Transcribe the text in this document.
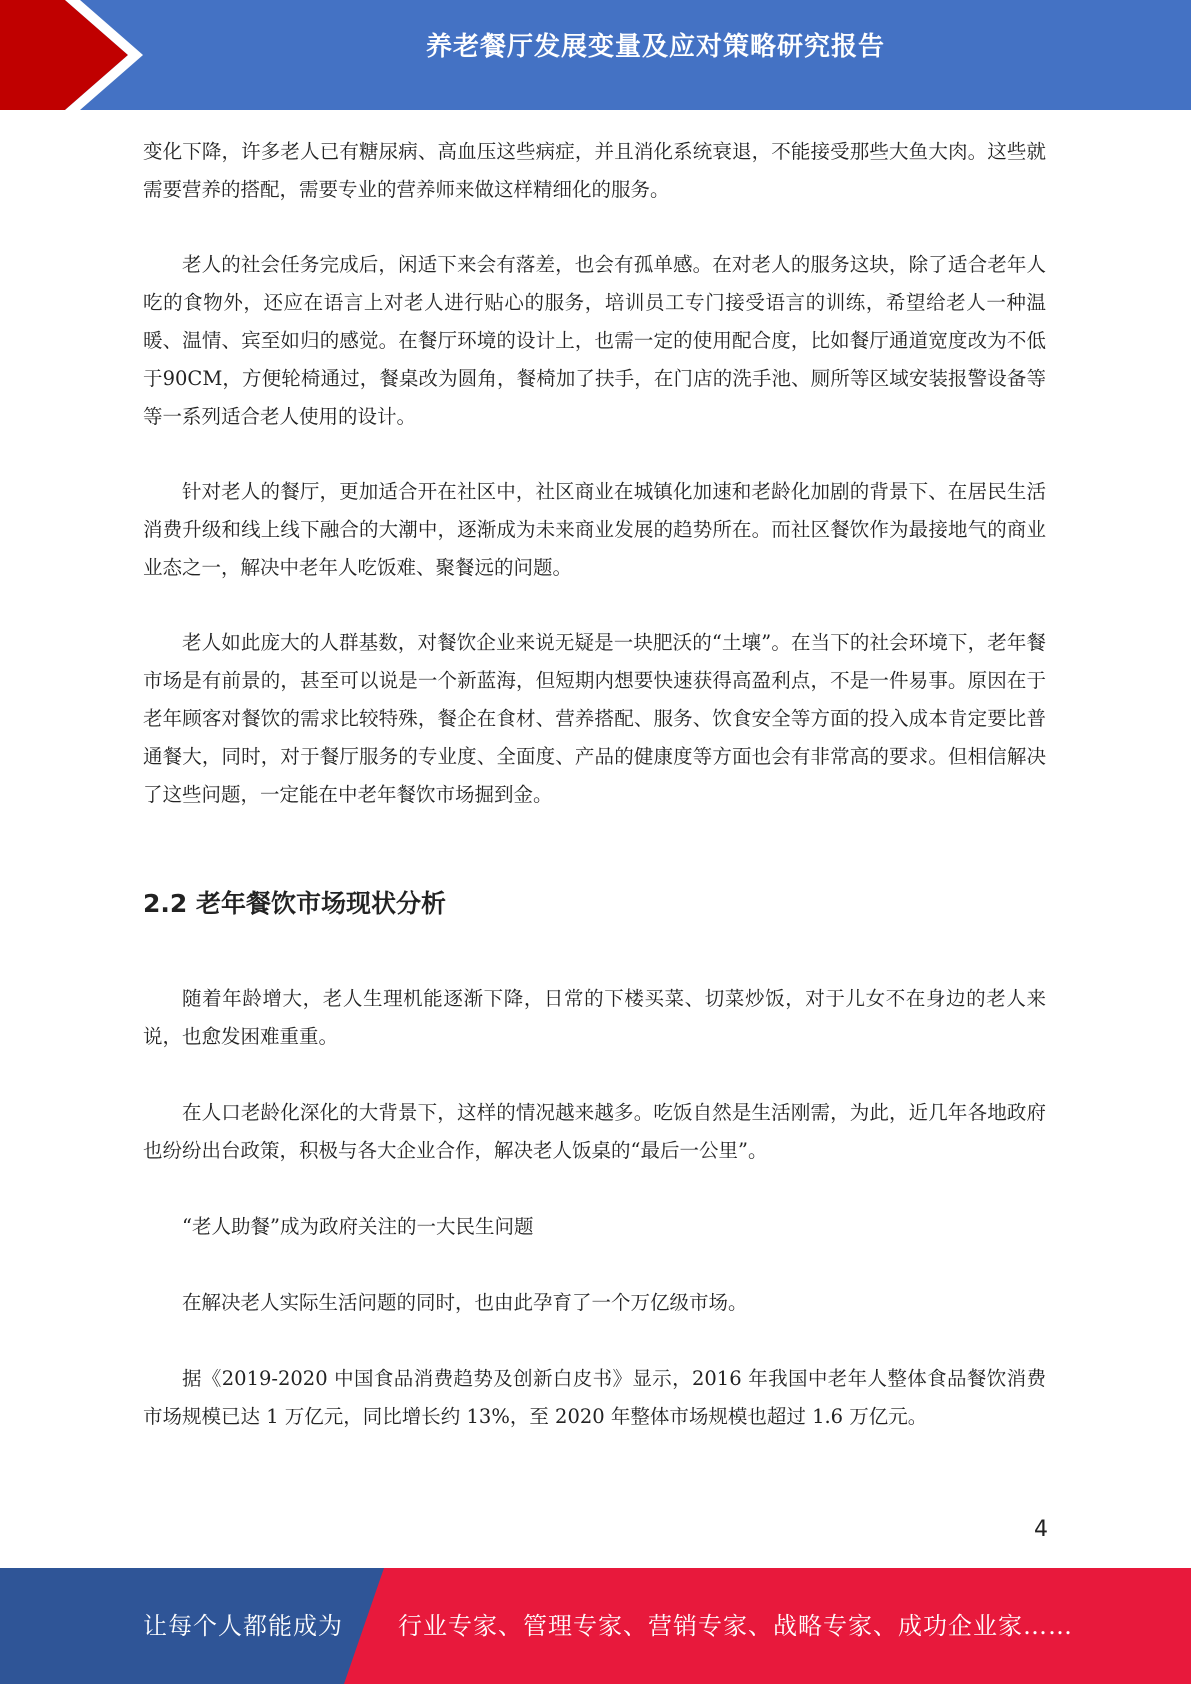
养老餐厅发展变量及应对策略研究报告

变化下降，许多老人已有糖尿病、高血压这些病症，并且消化系统衰退，不能接受那些大鱼大肉。这些就需要营养的搭配，需要专业的营养师来做这样精细化的服务。

老人的社会任务完成后，闲适下来会有落差，也会有孤单感。在对老人的服务这块，除了适合老年人吃的食物外，还应在语言上对老人进行贴心的服务，培训员工专门接受语言的训练，希望给老人一种温暖、温情、宾至如归的感觉。在餐厅环境的设计上，也需一定的使用配合度，比如餐厅通道宽度改为不低于90CM，方便轮椅通过，餐桌改为圆角，餐椅加了扶手，在门店的洗手池、厕所等区域安装报警设备等等一系列适合老人使用的设计。

针对老人的餐厅，更加适合开在社区中，社区商业在城镇化加速和老龄化加剧的背景下、在居民生活消费升级和线上线下融合的大潮中，逐渐成为未来商业发展的趋势所在。而社区餐饮作为最接地气的商业业态之一，解决中老年人吃饭难、聚餐远的问题。

老人如此庞大的人群基数，对餐饮企业来说无疑是一块肥沃的“土壤”。在当下的社会环境下，老年餐市场是有前景的，甚至可以说是一个新蓝海，但短期内想要快速获得高盈利点，不是一件易事。原因在于老年顾客对餐饮的需求比较特殊，餐企在食材、营养搭配、服务、饮食安全等方面的投入成本肯定要比普通餐大，同时，对于餐厅服务的专业度、全面度、产品的健康度等方面也会有非常高的要求。但相信解决了这些问题，一定能在中老年餐饮市场掘到金。

2.2 老年餐饮市场现状分析

随着年龄增大，老人生理机能逐渐下降，日常的下楼买菜、切菜炒饭，对于儿女不在身边的老人来说，也愈发困难重重。

在人口老龄化深化的大背景下，这样的情况越来越多。吃饭自然是生活刚需，为此，近几年各地政府也纷纷出台政策，积极与各大企业合作，解决老人饭桌的“最后一公里”。

“老人助餐”成为政府关注的一大民生问题

在解决老人实际生活问题的同时，也由此孕育了一个万亿级市场。

据《2019-2020 中国食品消费趋势及创新白皮书》显示，2016 年我国中老年人整体食品餐饮消费市场规模已达 1 万亿元，同比增长约 13%，至 2020 年整体市场规模也超过 1.6 万亿元。

4
让每个人都能成为 行业专家、管理专家、营销专家、战略专家、成功企业家……
